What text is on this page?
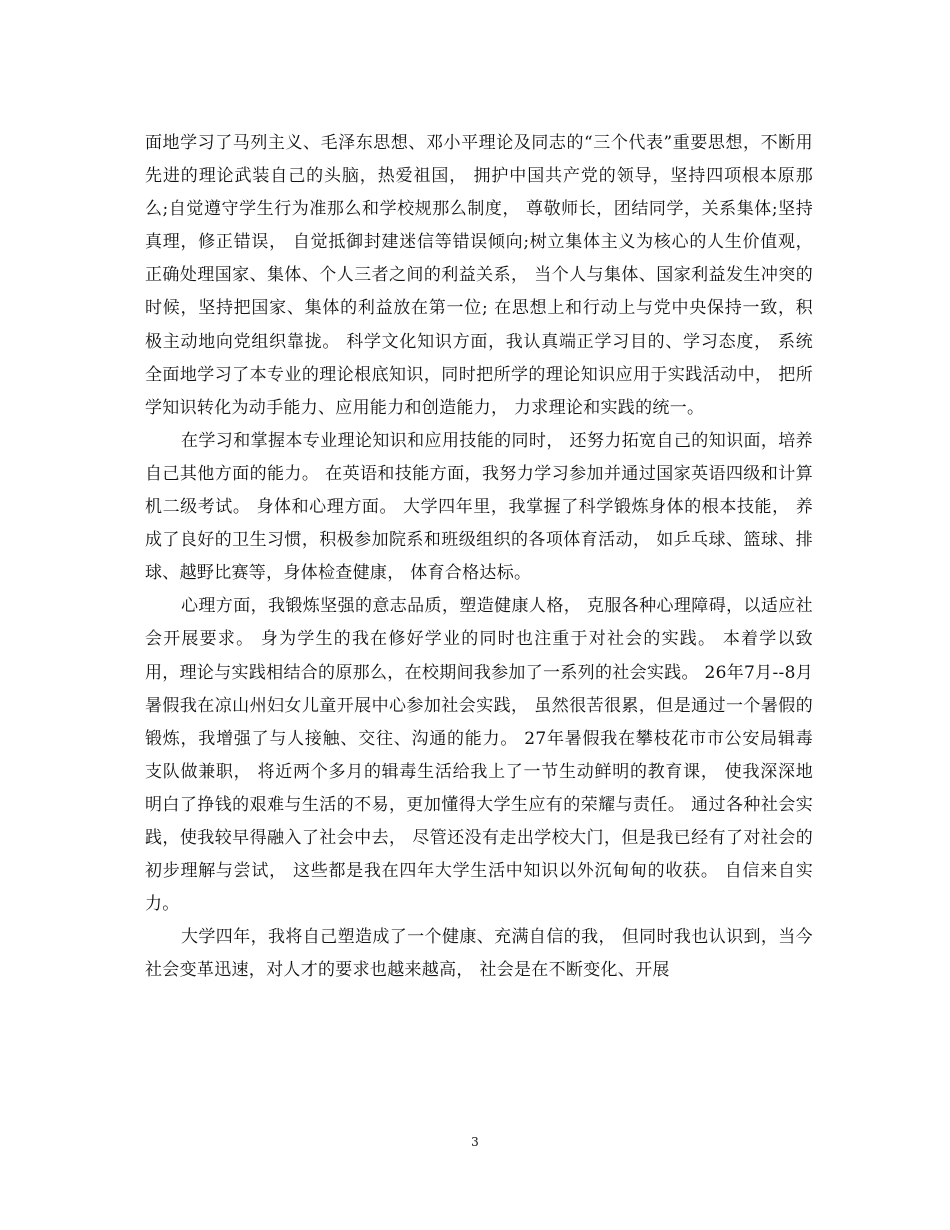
面地学习了马列主义、毛泽东思想、邓小平理论及同志的“三个代表”重要思想，不断用先进的理论武装自己的头脑，热爱祖国， 拥护中国共产党的领导，坚持四项根本原那么;自觉遵守学生行为准那么和学校规那么制度， 尊敬师长，团结同学，关系集体;坚持真理，修正错误， 自觉抵御封建迷信等错误倾向;树立集体主义为核心的人生价值观， 正确处理国家、集体、个人三者之间的利益关系， 当个人与集体、国家利益发生冲突的时候，坚持把国家、集体的利益放在第一位; 在思想上和行动上与党中央保持一致，积极主动地向党组织靠拢。 科学文化知识方面，我认真端正学习目的、学习态度， 系统全面地学习了本专业的理论根底知识，同时把所学的理论知识应用于实践活动中， 把所学知识转化为动手能力、应用能力和创造能力， 力求理论和实践的统一。

在学习和掌握本专业理论知识和应用技能的同时， 还努力拓宽自己的知识面，培养自己其他方面的能力。 在英语和技能方面，我努力学习参加并通过国家英语四级和计算机二级考试。 身体和心理方面。 大学四年里，我掌握了科学锻炼身体的根本技能， 养成了良好的卫生习惯，积极参加院系和班级组织的各项体育活动， 如乒乓球、篮球、排球、越野比赛等，身体检查健康， 体育合格达标。

心理方面，我锻炼坚强的意志品质，塑造健康人格， 克服各种心理障碍，以适应社会开展要求。 身为学生的我在修好学业的同时也注重于对社会的实践。 本着学以致用，理论与实践相结合的原那么，在校期间我参加了一系列的社会实践。 26年7月--8月暑假我在凉山州妇女儿童开展中心参加社会实践， 虽然很苦很累，但是通过一个暑假的锻炼，我增强了与人接触、交往、沟通的能力。 27年暑假我在攀枝花市市公安局辑毒支队做兼职， 将近两个多月的辑毒生活给我上了一节生动鲜明的教育课， 使我深深地明白了挣钱的艰难与生活的不易，更加懂得大学生应有的荣耀与责任。 通过各种社会实践，使我较早得融入了社会中去， 尽管还没有走出学校大门，但是我已经有了对社会的初步理解与尝试， 这些都是我在四年大学生活中知识以外沉甸甸的收获。 自信来自实力。

大学四年，我将自己塑造成了一个健康、充满自信的我， 但同时我也认识到，当今社会变革迅速，对人才的要求也越来越高， 社会是在不断变化、开展

3
